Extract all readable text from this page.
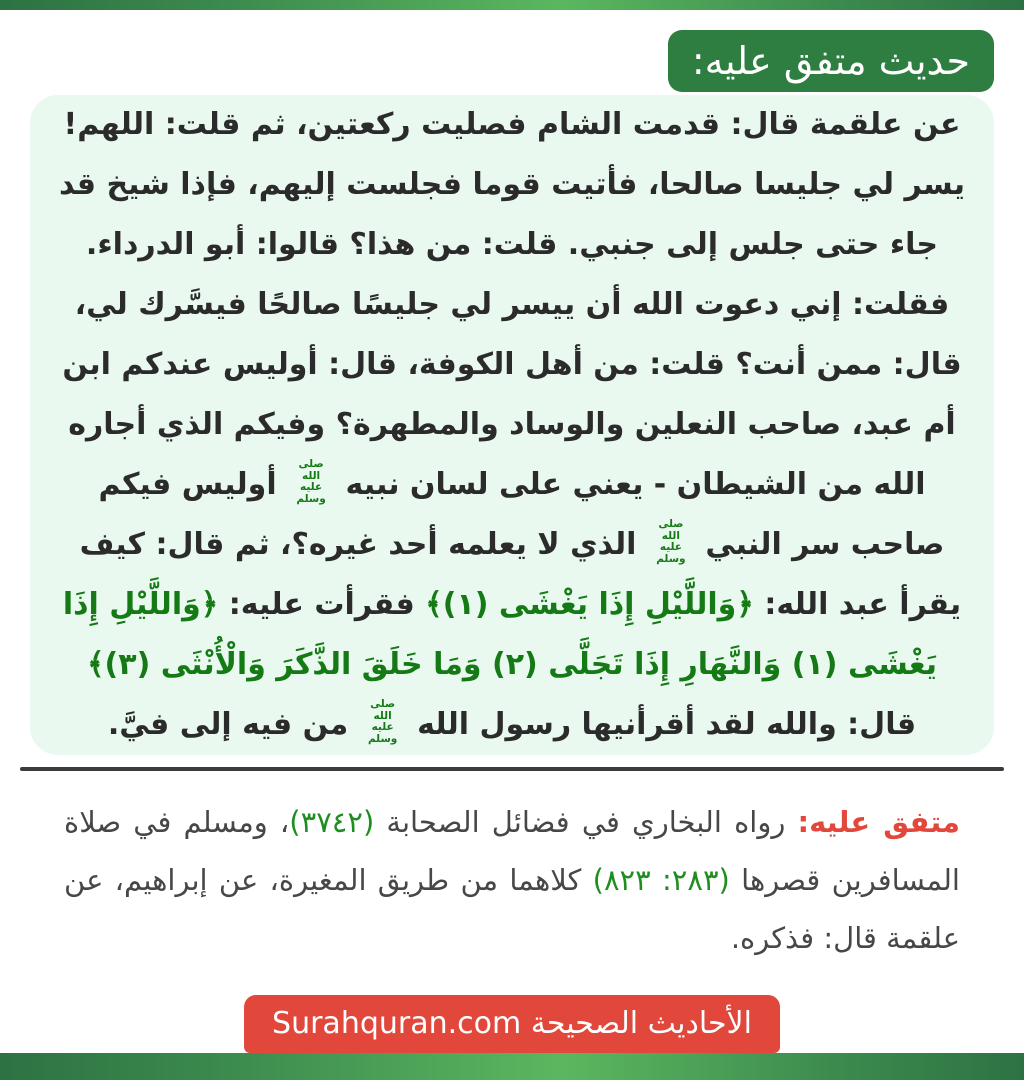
حديث متفق عليه:

عن علقمة قال: قدمت الشام فصليت ركعتين، ثم قلت: اللهم! يسر لي جليسا صالحا، فأتيت قوما فجلست إليهم، فإذا شيخ قد جاء حتى جلس إلى جنبي. قلت: من هذا؟ قالوا: أبو الدرداء. فقلت: إني دعوت الله أن ييسر لي جليسًا صالحًا فيسَّرك لي، قال: ممن أنت؟ قلت: من أهل الكوفة، قال: أوليس عندكم ابن أم عبد، صاحب النعلين والوساد والمطهرة؟ وفيكم الذي أجاره الله من الشيطان - يعني على لسان نبيه صلى الله عليه وسلم أوليس فيكم صاحب سر النبي صلى الله عليه وسلم الذي لا يعلمه أحد غيره؟، ثم قال: كيف يقرأ عبد الله: ﴿وَاللَّيْلِ إِذَا يَغْشَى (١)﴾ فقرأت عليه: ﴿وَاللَّيْلِ إِذَا يَغْشَى (١) وَالنَّهَارِ إِذَا تَجَلَّى (٢) وَمَا خَلَقَ الذَّكَرَ وَالْأُنْثَى (٣)﴾ قال: والله لقد أقرأنيها رسول الله صلى الله عليه وسلم من فيه إلى فيَّ.

متفق عليه: رواه البخاري في فضائل الصحابة (٣٧٤٢)، ومسلم في صلاة المسافرين قصرها (٢٨٣: ٨٢٣) كلاهما من طريق المغيرة، عن إبراهيم، عن علقمة قال: فذكره.

الأحاديث الصحيحة Surahquran.com
